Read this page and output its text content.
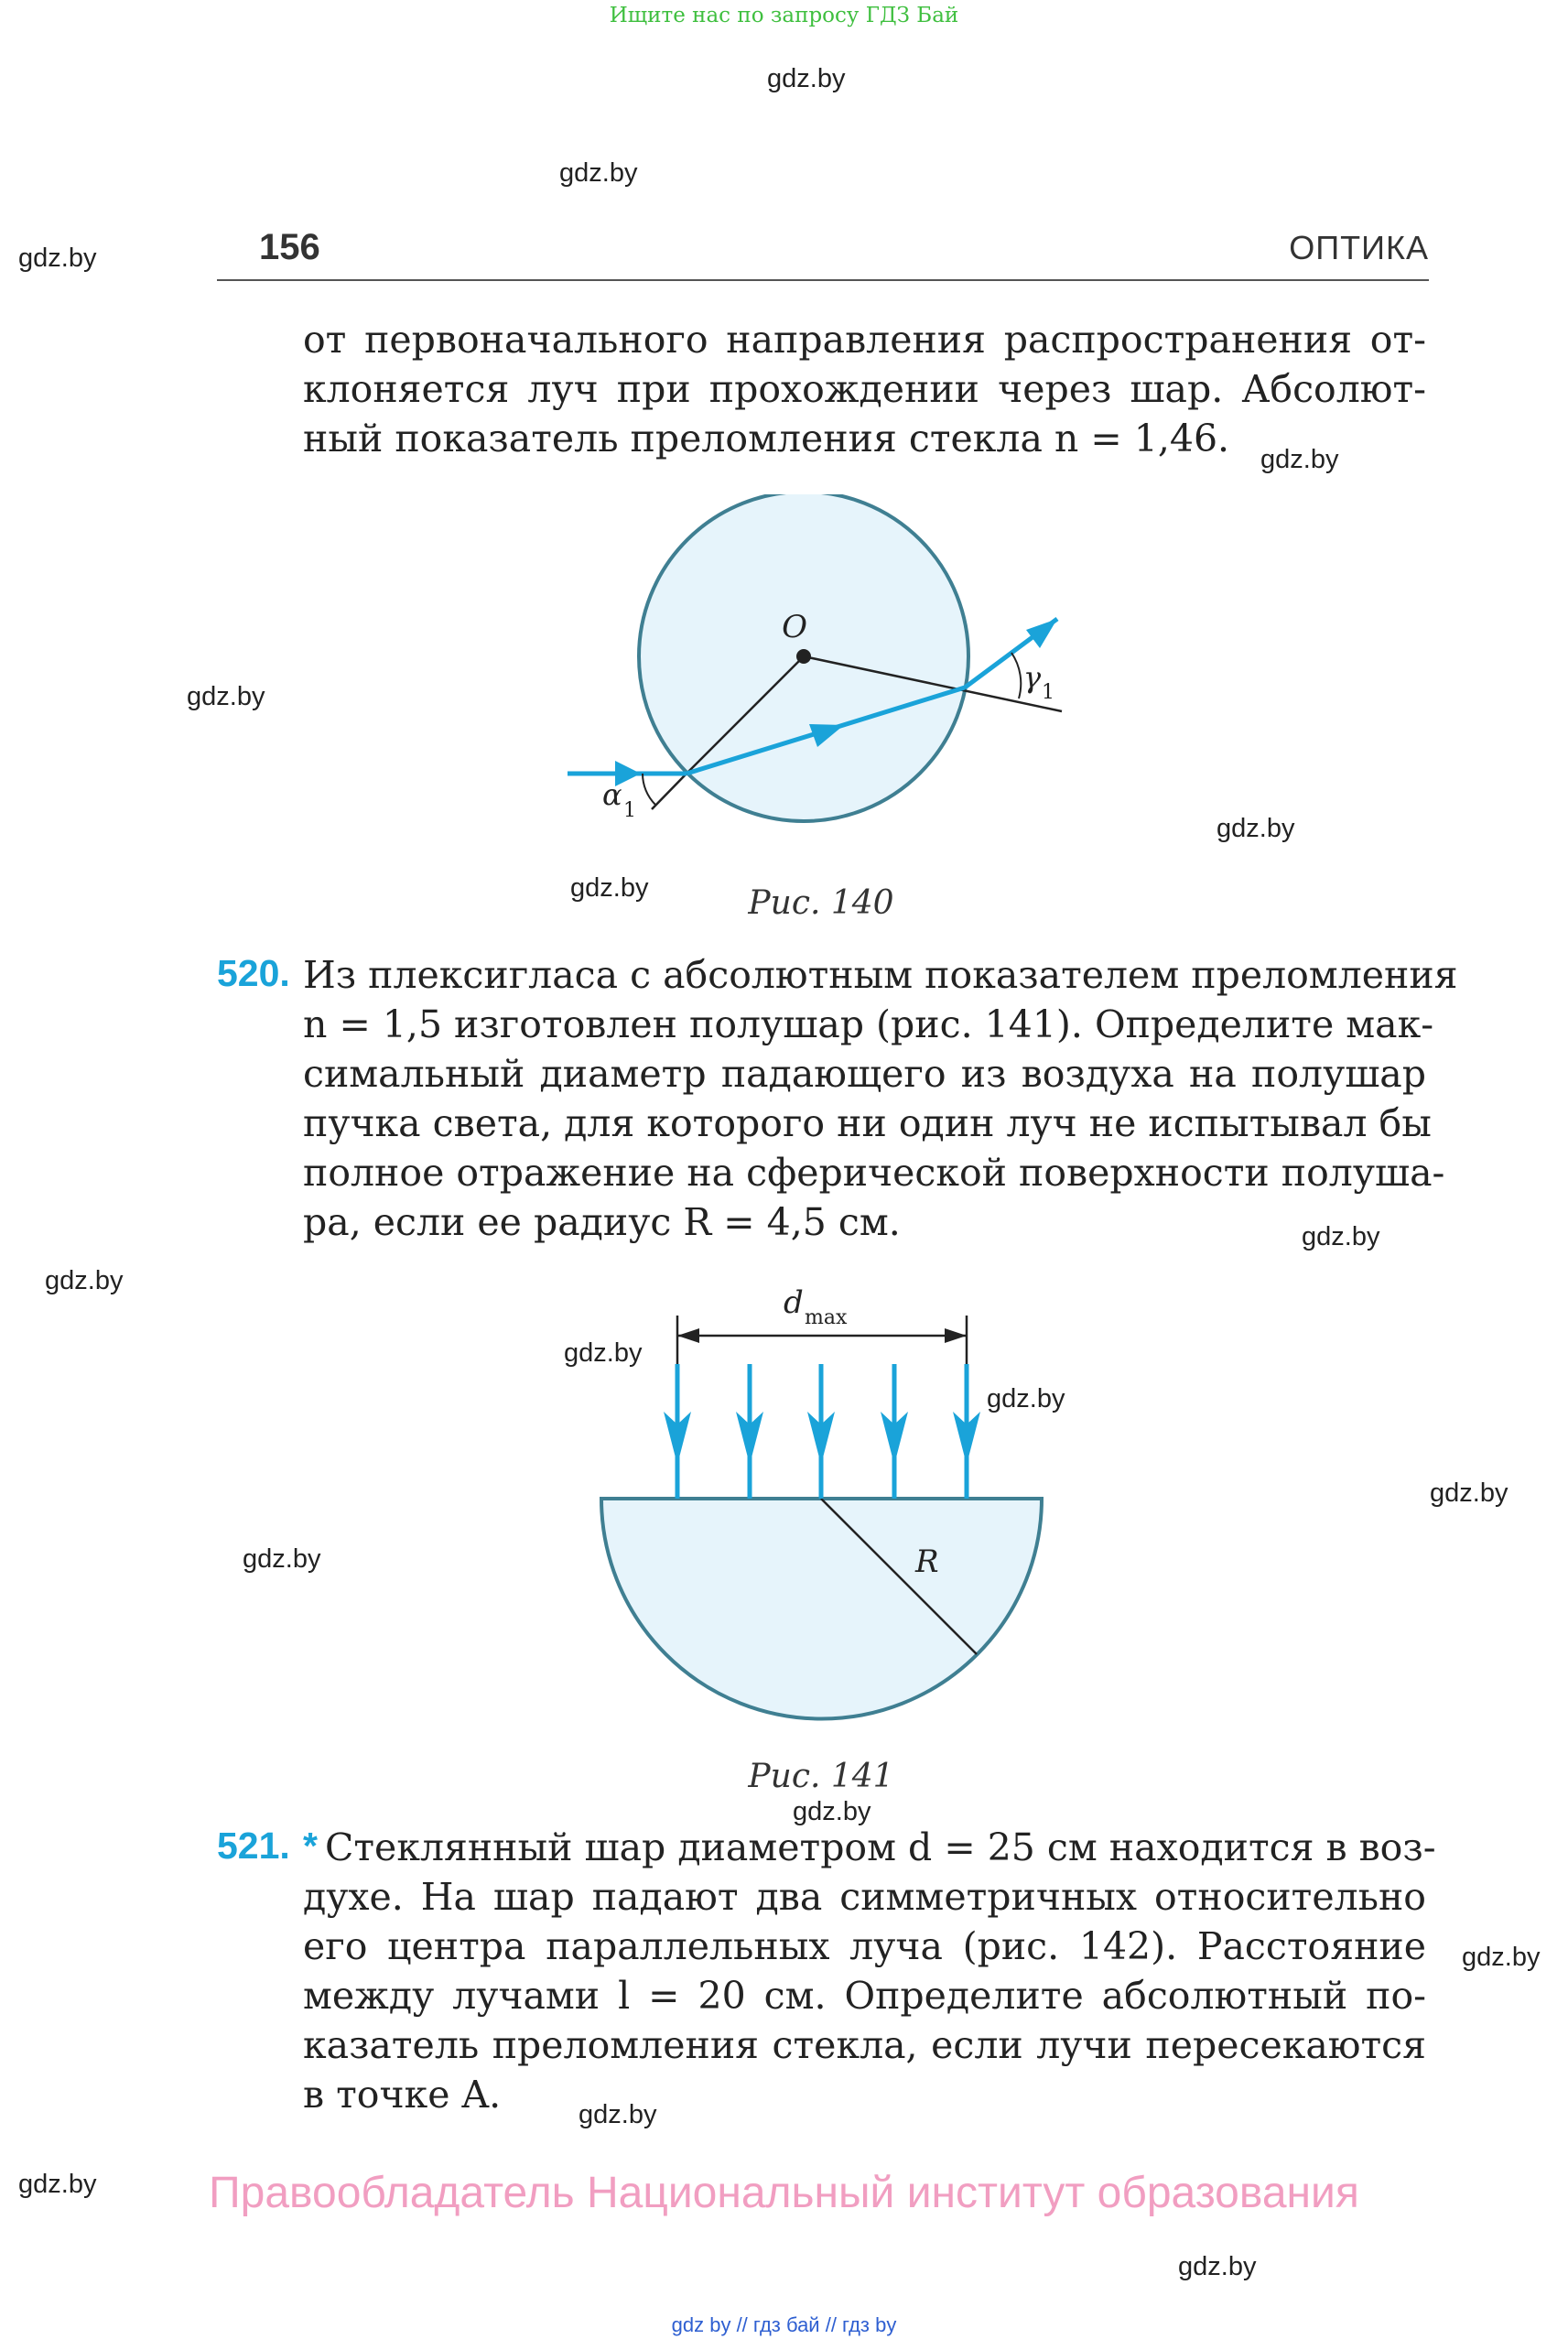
Ищите нас по запросу ГДЗ Бай
gdz.by
gdz.by
gdz.by
gdz.by
gdz.by
gdz.by
gdz.by
gdz.by
gdz.by
gdz.by
gdz.by
gdz.by
gdz.by
gdz.by
gdz.by
gdz.by
gdz.by
gdz.by
156	ОПТИКА
от первоначального направления распространения от-
клоняется луч при прохождении через шар. Абсолют-
ный показатель преломления стекла n = 1,46.
O
α 1
γ 1
Рис. 140
520. Из плексигласа с абсолютным показателем преломления
n = 1,5 изготовлен полушар (рис. 141). Определите мак-
симальный диаметр падающего из воздуха на полушар
пучка света, для которого ни один луч не испытывал бы
полное отражение на сферической поверхности полуша-
ра, если ее радиус R = 4,5 см.
d max
R
Рис. 141
521. * Стеклянный шар диаметром d = 25 см находится в воз-
духе. На шар падают два симметричных относительно
его центра параллельных луча (рис. 142). Расстояние
между лучами l = 20 см. Определите абсолютный по-
казатель преломления стекла, если лучи пересекаются
в точке A.
Правообладатель Национальный институт образования
gdz by // гдз бай // гдз by
